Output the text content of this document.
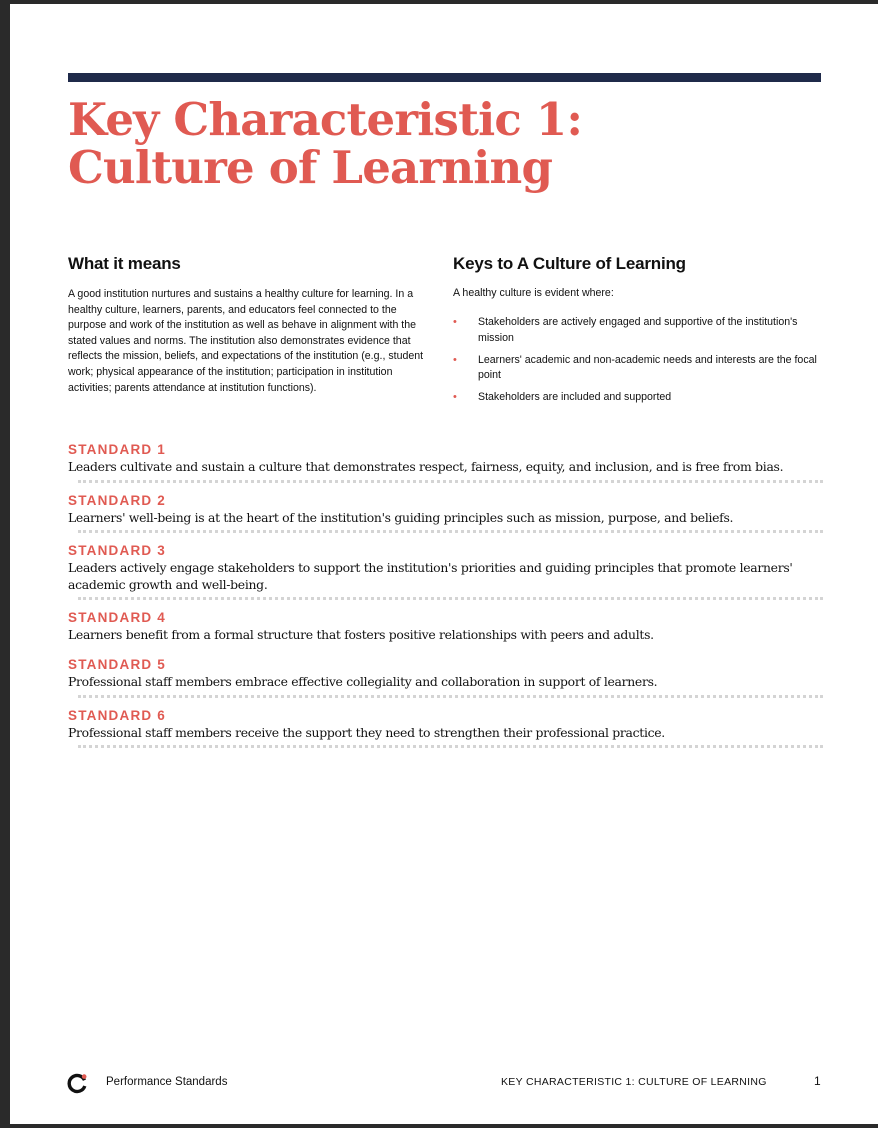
Key Characteristic 1:
Culture of Learning
What it means
A good institution nurtures and sustains a healthy culture for learning. In a healthy culture, learners, parents, and educators feel connected to the purpose and work of the institution as well as behave in alignment with the stated values and norms. The institution also demonstrates evidence that reflects the mission, beliefs, and expectations of the institution (e.g., student work; physical appearance of the institution; participation in institution activities; parents attendance at institution functions).
Keys to A Culture of Learning
A healthy culture is evident where:
• Stakeholders are actively engaged and supportive of the institution's mission
• Learners' academic and non-academic needs and interests are the focal point
• Stakeholders are included and supported
STANDARD 1
Leaders cultivate and sustain a culture that demonstrates respect, fairness, equity, and inclusion, and is free from bias.
STANDARD 2
Learners' well-being is at the heart of the institution's guiding principles such as mission, purpose, and beliefs.
STANDARD 3
Leaders actively engage stakeholders to support the institution's priorities and guiding principles that promote learners' academic growth and well-being.
STANDARD 4
Learners benefit from a formal structure that fosters positive relationships with peers and adults.
STANDARD 5
Professional staff members embrace effective collegiality and collaboration in support of learners.
STANDARD 6
Professional staff members receive the support they need to strengthen their professional practice.
Performance Standards	KEY CHARACTERISTIC 1: CULTURE OF LEARNING	1
